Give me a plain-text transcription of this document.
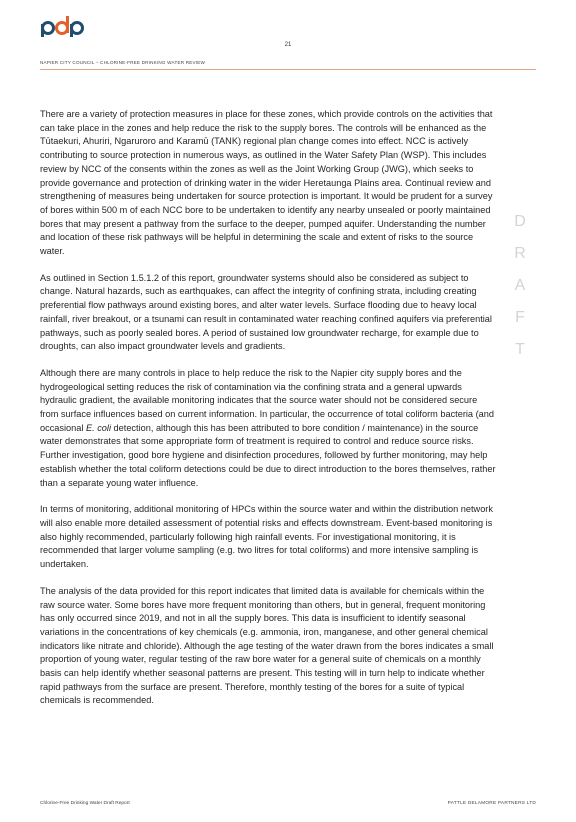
21
NAPIER CITY COUNCIL – CHLORINE-FREE DRINKING WATER REVIEW

There are a variety of protection measures in place for these zones, which provide controls on the activities that can take place in the zones and help reduce the risk to the supply bores. The controls will be enhanced as the Tūtaekuri, Ahuriri, Ngaruroro and Karamū (TANK) regional plan change comes into effect. NCC is actively contributing to source protection in numerous ways, as outlined in the Water Safety Plan (WSP). This includes review by NCC of the consents within the zones as well as the Joint Working Group (JWG), which seeks to provide governance and protection of drinking water in the wider Heretaunga Plains area. Continual review and strengthening of measures being undertaken for source protection is important. It would be prudent for a survey of bores within 500 m of each NCC bore to be undertaken to identify any nearby unsealed or poorly maintained bores that may present a pathway from the surface to the deeper, pumped aquifer. Understanding the number and location of these risk pathways will be helpful in determining the scale and extent of risks to the source water.

As outlined in Section 1.5.1.2 of this report, groundwater systems should also be considered as subject to change. Natural hazards, such as earthquakes, can affect the integrity of confining strata, including creating preferential flow pathways around existing bores, and alter water levels. Surface flooding due to heavy local rainfall, river breakout, or a tsunami can result in contaminated water reaching confined aquifers via preferential pathways, such as poorly sealed bores. A period of sustained low groundwater recharge, for example due to droughts, can also impact groundwater levels and gradients.

Although there are many controls in place to help reduce the risk to the Napier city supply bores and the hydrogeological setting reduces the risk of contamination via the confining strata and a general upwards hydraulic gradient, the available monitoring indicates that the source water should not be considered secure from surface influences based on current information. In particular, the occurrence of total coliform bacteria (and occasional E. coli detection, although this has been attributed to bore condition / maintenance) in the source water demonstrates that some appropriate form of treatment is required to control and reduce source risks. Further investigation, good bore hygiene and disinfection procedures, followed by further monitoring, may help establish whether the total coliform detections could be due to direct introduction to the bores themselves, rather than a separate young water influence.

In terms of monitoring, additional monitoring of HPCs within the source water and within the distribution network will also enable more detailed assessment of potential risks and effects downstream. Event-based monitoring is also highly recommended, particularly following high rainfall events. For investigational monitoring, it is recommended that larger volume sampling (e.g. two litres for total coliforms) and more intensive sampling is undertaken.

The analysis of the data provided for this report indicates that limited data is available for chemicals within the raw source water. Some bores have more frequent monitoring than others, but in general, frequent monitoring has only occurred since 2019, and not in all the supply bores. This data is insufficient to identify seasonal variations in the concentrations of key chemicals (e.g. ammonia, iron, manganese, and other general chemical indicators like nitrate and chloride). Although the age testing of the water drawn from the bores indicates a small proportion of young water, regular testing of the raw bore water for a general suite of chemicals on a monthly basis can help identify whether seasonal patterns are present. This testing will in turn help to indicate whether rapid pathways from the surface are present. Therefore, monthly testing of the bores for a suite of typical chemicals is recommended.

D
R
A
F
T
Chlorine-Free Drinking Water Draft Report	PATTLE DELAMORE PARTNERS LTD
